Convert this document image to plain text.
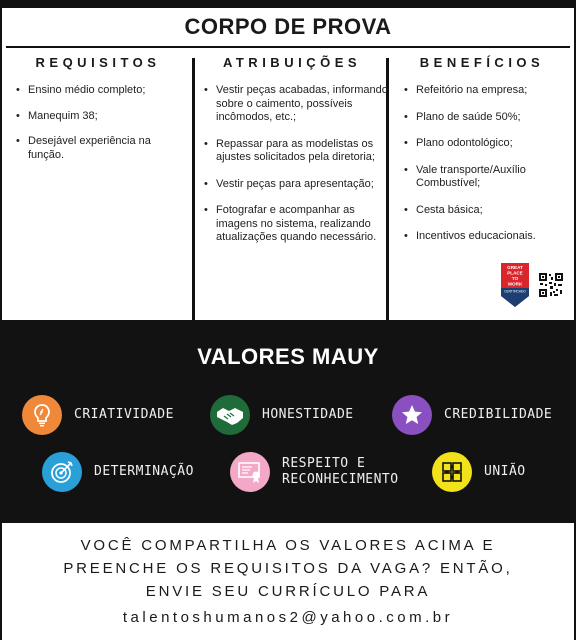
CORPO DE PROVA
REQUISITOS
• Ensino médio completo;
• Manequim 38;
• Desejável experiência na função.
ATRIBUIÇÕES
• Vestir peças acabadas, informando sobre o caimento, possíveis incômodos, etc.;
• Repassar para as modelistas os ajustes solicitados pela diretoria;
• Vestir peças para apresentação;
• Fotografar e acompanhar as imagens no sistema, realizando atualizações quando necessário.
BENEFÍCIOS
• Refeitório na empresa;
• Plano de saúde 50%;
• Plano odontológico;
• Vale transporte/Auxílio Combustível;
• Cesta básica;
• Incentivos educacionais.
GREAT
PLACE
TO
WORK
CERTIFICADO
VALORES MAUY
CRIATIVIDADE	HONESTIDADE	CREDIBILIDADE
DETERMINAÇÃO
RESPEITO E
RECONHECIMENTO
UNIÃO
VOCÊ COMPARTILHA OS VALORES ACIMA E
PREENCHE OS REQUISITOS DA VAGA? ENTÃO,
ENVIE SEU CURRÍCULO PARA
talentoshumanos2@yahoo.com.br
